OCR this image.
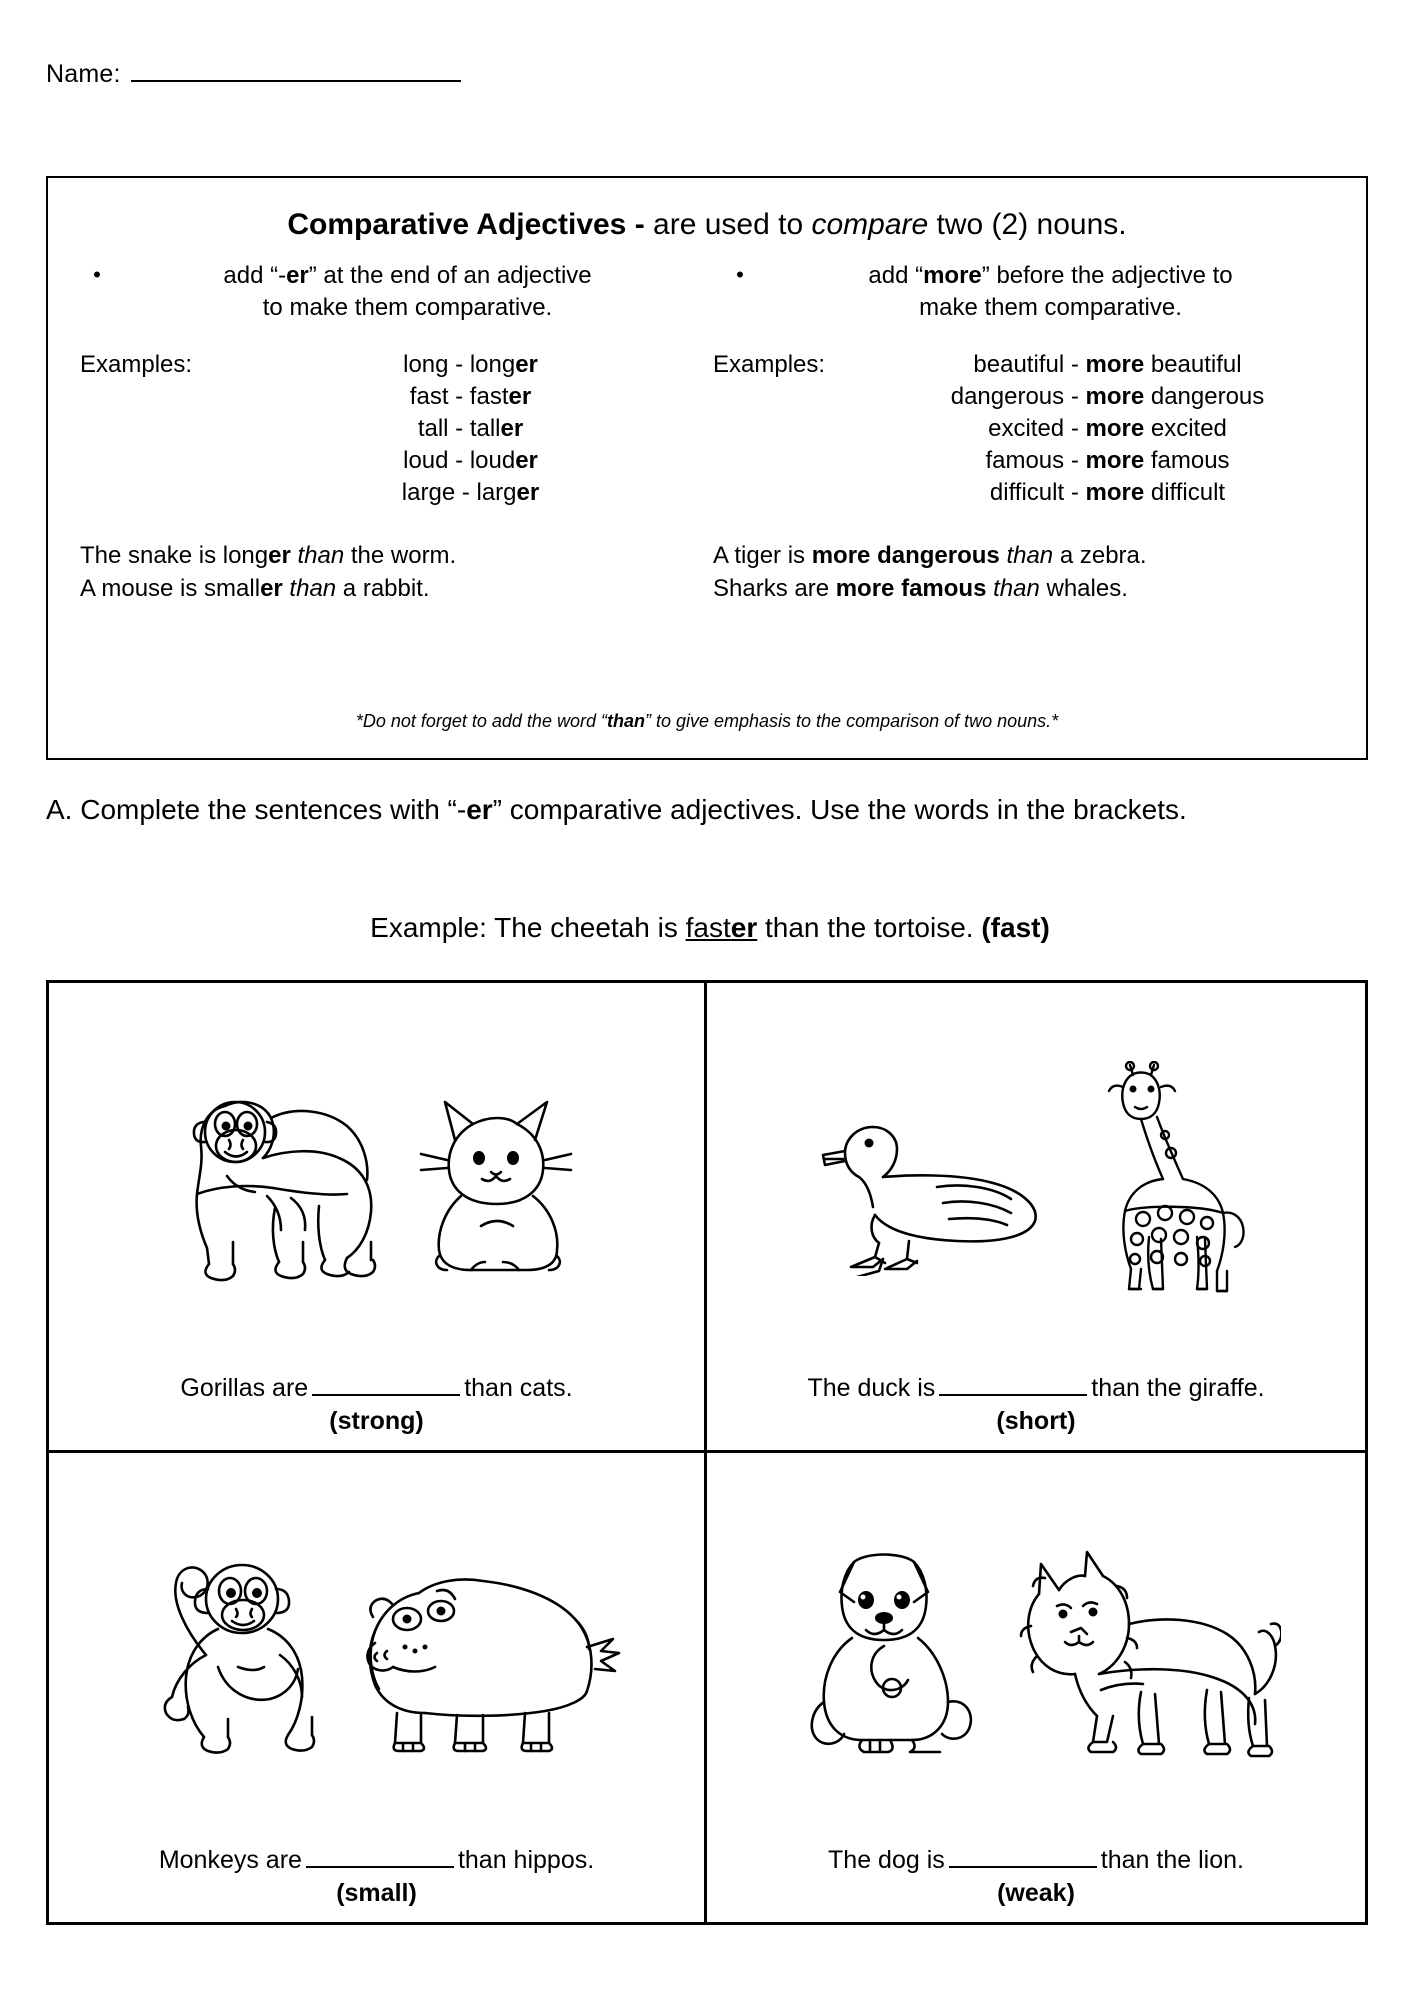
Name:
Comparative Adjectives - are used to compare two (2) nouns.
•	add “-er” at the end of an adjective
to make them comparative.
Examples:	long - longer
fast - faster
tall - taller
loud - louder
large - larger
The snake is longer than the worm.
A mouse is smaller than a rabbit.
•	add “more” before the adjective to
make them comparative.
Examples:	beautiful - more beautiful
dangerous - more dangerous
excited - more excited
famous - more famous
difficult - more difficult
A tiger is more dangerous than a zebra.
Sharks are more famous than whales.
*Do not forget to add the word “than” to give emphasis to the comparison of two nouns.*
A. Complete the sentences with “-er” comparative adjectives. Use the words in the brackets.
Example: The cheetah is faster than the tortoise. (fast)
Gorillas are	than cats.
(strong)
The duck is	than the giraffe.
(short)
Monkeys are	than hippos.
(small)
The dog is	than the lion.
(weak)
